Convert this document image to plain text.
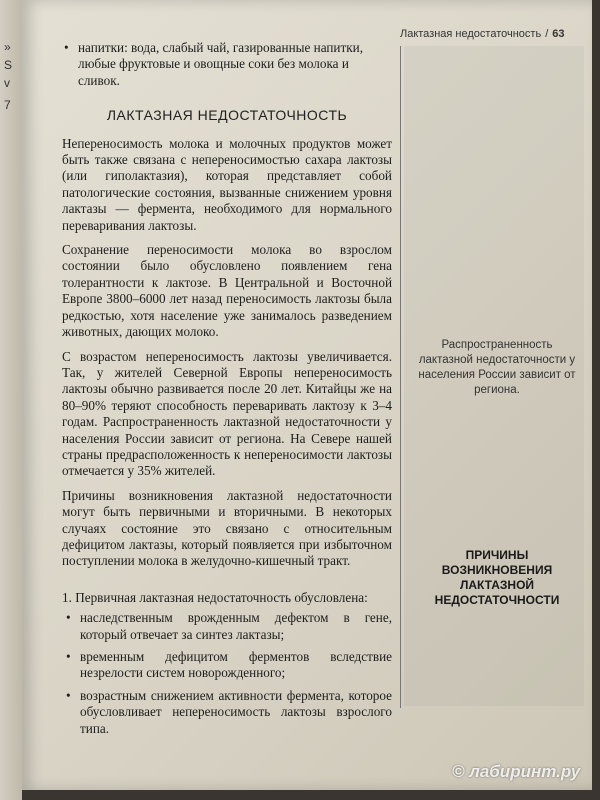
»
S
v
7
Лактазная недостаточность / 63
• напитки: вода, слабый чай, газированные напитки, любые фруктовые и овощные соки без молока и сливок.
ЛАКТАЗНАЯ НЕДОСТАТОЧНОСТЬ

Непереносимость молока и молочных продуктов может быть также связана с непереносимостью сахара лактозы (или гиполактазия), которая представляет собой патологические состояния, вызванные снижением уровня лактазы — фермента, необходимого для нормального переваривания лактозы.

Сохранение переносимости молока во взрослом состоянии было обусловлено появлением гена толерантности к лактозе. В Центральной и Восточной Европе 3800–6000 лет назад переносимость лактозы была редкостью, хотя население уже занималось разведением животных, дающих молоко.

С возрастом непереносимость лактозы увеличивается. Так, у жителей Северной Европы непереносимость лактозы обычно развивается после 20 лет. Китайцы же на 80–90% теряют способность переваривать лактозу к 3–4 годам. Распространенность лактазной недостаточности у населения России зависит от региона. На Севере нашей страны предрасположенность к непереносимости лактозы отмечается у 35% жителей.

Причины возникновения лактазной недостаточности могут быть первичными и вторичными. В некоторых случаях состояние это связано с относительным дефицитом лактазы, который появляется при избыточном поступлении молока в желудочно-кишечный тракт.

1. Первичная лактазная недостаточность обусловлена:
• наследственным врожденным дефектом в гене, который отвечает за синтез лактазы;
• временным дефицитом ферментов вследствие незрелости систем новорожденного;
• возрастным снижением активности фермента, которое обусловливает непереносимость лактозы взрослого типа.
Распространенность лактазной недостаточности у населения России зависит от региона.
ПРИЧИНЫ ВОЗНИКНОВЕНИЯ ЛАКТАЗНОЙ НЕДОСТАТОЧНОСТИ
© лабиринт.ру
